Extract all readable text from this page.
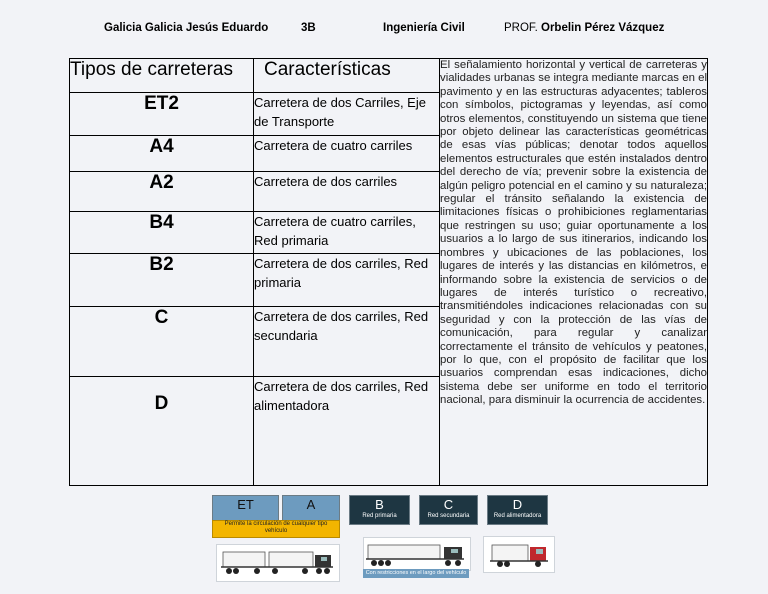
Galicia Galicia Jesús Eduardo	3B	Ingeniería Civil	PROF. Orbelin Pérez Vázquez
Tipos de carreteras	Características	El señalamiento horizontal y vertical de carreteras y vialidades urbanas se integra mediante marcas en el pavimento y en las estructuras adyacentes; tableros con símbolos, pictogramas y leyendas, así como otros elementos, constituyendo un sistema que tiene por objeto delinear las características geométricas de esas vías públicas; denotar todos aquellos elementos estructurales que estén instalados dentro del derecho de vía; prevenir sobre la existencia de algún peligro potencial en el camino y su naturaleza; regular el tránsito señalando la existencia de limitaciones físicas o prohibiciones reglamentarias que restringen su uso; guiar oportunamente a los usuarios a lo largo de sus itinerarios, indicando los nombres y ubicaciones de las poblaciones, los lugares de interés y las distancias en kilómetros, e informando sobre la existencia de servicios o de lugares de interés turístico o recreativo, transmitiéndoles indicaciones relacionadas con su seguridad y con la protección de las vías de comunicación, para regular y canalizar correctamente el tránsito de vehículos y peatones, por lo que, con el propósito de facilitar que los usuarios comprendan esas indicaciones, dicho sistema debe ser uniforme en todo el territorio nacional, para disminuir la ocurrencia de accidentes.
ET2	Carretera de dos Carriles, Eje de Transporte	
A4	Carretera de cuatro carriles	
A2	Carretera de dos carriles	
B4	Carretera de cuatro carriles, Red primaria	
B2	Carretera de dos carriles, Red primaria	
C	Carretera de dos carriles, Red secundaria	
D	Carretera de dos carriles, Red alimentadora	
ET	A
Permite la circulación de cualquier tipo vehículo
B
Red primaria
C
Red secundaria
D
Red alimentadora
Con restricciones en el largo del vehículo
